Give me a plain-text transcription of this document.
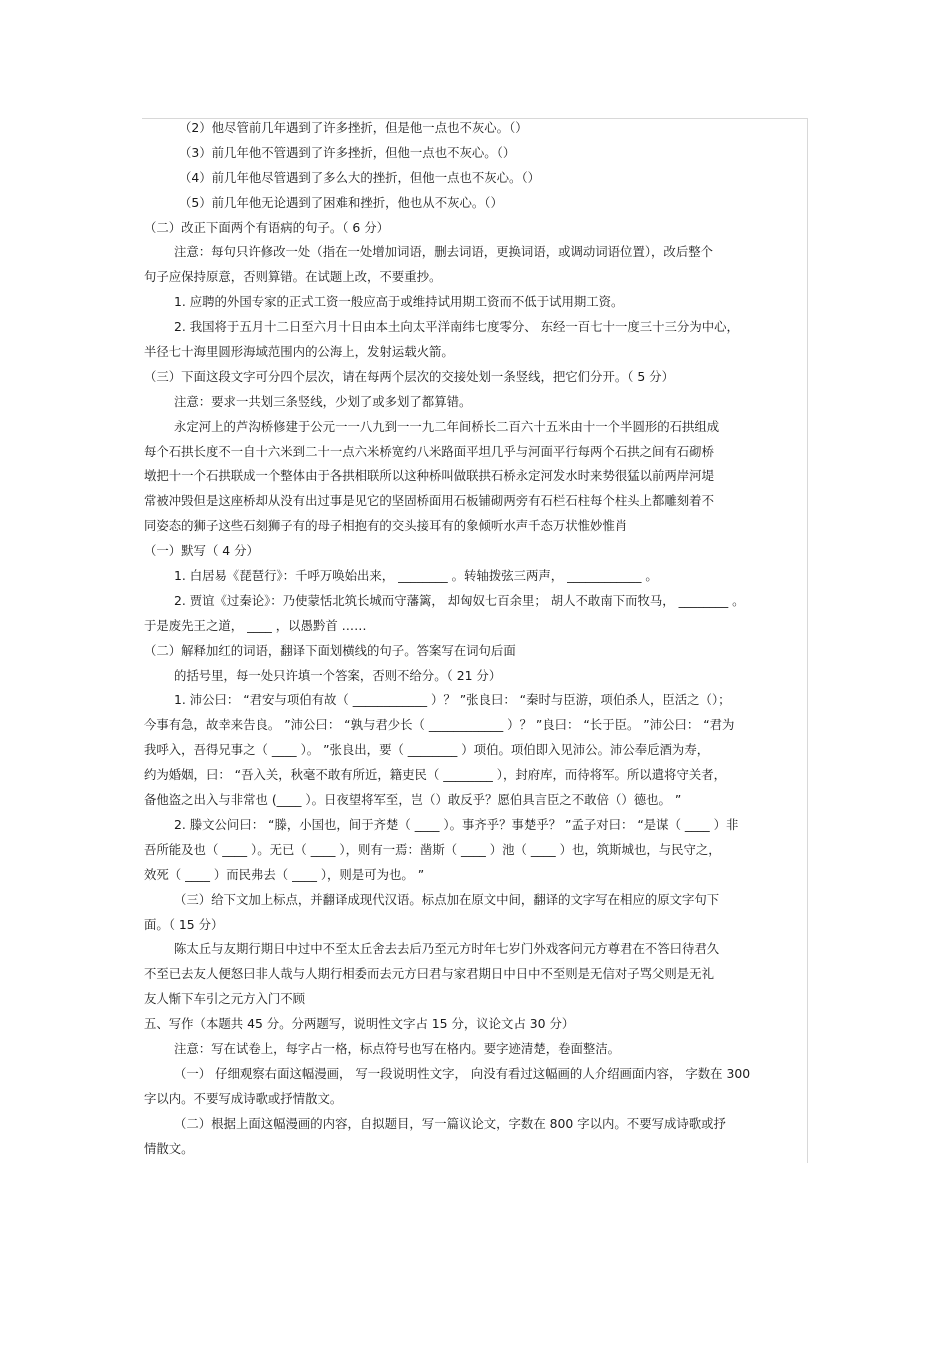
（2）他尽管前几年遇到了许多挫折，但是他一点也不灰心。（）
（3）前几年他不管遇到了许多挫折，但他一点也不灰心。（）
（4）前几年他尽管遇到了多么大的挫折，但他一点也不灰心。（）
（5）前几年他无论遇到了困难和挫折，他也从不灰心。（）
（二）改正下面两个有语病的句子。（ 6 分）
注意：每句只许修改一处（指在一处增加词语，删去词语，更换词语，或调动词语位置），改后整个
句子应保持原意，否则算错。在试题上改，不要重抄。
1. 应聘的外国专家的正式工资一般应高于或维持试用期工资而不低于试用期工资。
2. 我国将于五月十二日至六月十日由本土向太平洋南纬七度零分、 东经一百七十一度三十三分为中心，
半径七十海里圆形海域范围内的公海上，发射运载火箭。
（三）下面这段文字可分四个层次，请在每两个层次的交接处划一条竖线，把它们分开。（ 5 分）
注意：要求一共划三条竖线，少划了或多划了都算错。
永定河上的芦沟桥修建于公元一一八九到一一九二年间桥长二百六十五米由十一个半圆形的石拱组成
每个石拱长度不一自十六米到二十一点六米桥宽约八米路面平坦几乎与河面平行每两个石拱之间有石砌桥
墩把十一个石拱联成一个整体由于各拱相联所以这种桥叫做联拱石桥永定河发水时来势很猛以前两岸河堤
常被冲毁但是这座桥却从没有出过事是见它的坚固桥面用石板铺砌两旁有石栏石柱每个柱头上都雕刻着不
同姿态的狮子这些石刻狮子有的母子相抱有的交头接耳有的象倾听水声千态万状惟妙惟肖
（一）默写（ 4 分）
1. 白居易《琵琶行》：千呼万唤始出来， ________ 。转轴拨弦三两声， ____________ 。
2. 贾谊《过秦论》：乃使蒙恬北筑长城而守藩篱， 却匈奴七百余里； 胡人不敢南下而牧马， ________ 。
于是废先王之道， ____ ，以愚黔首 ……
（二）解释加红的词语，翻译下面划横线的句子。答案写在词句后面
的括号里，每一处只许填一个答案，否则不给分。（ 21 分）
1. 沛公曰： “君安与项伯有故（ ____________ ）？ ”张良曰： “秦时与臣游，项伯杀人，臣活之（）；
今事有急，故幸来告良。 ”沛公曰： “孰与君少长（ ____________ ）？ ”良曰： “长于臣。 ”沛公曰： “君为
我呼入，吾得兄事之（ ____ ）。 ”张良出，要（ ________ ）项伯。项伯即入见沛公。沛公奉卮酒为寿，
约为婚姻，曰： “吾入关，秋毫不敢有所近，籍吏民（ ________ ），封府库，而待将军。所以遣将守关者，
备他盗之出入与非常也 (____ ）。日夜望将军至，岂（）敢反乎？愿伯具言臣之不敢倍（）德也。 ”
2. 滕文公问曰： “滕，小国也，间于齐楚（ ____ ）。事齐乎？事楚乎？ ”孟子对曰： “是谋（ ____ ）非
吾所能及也（ ____ ）。无已（ ____ ），则有一焉：凿斯（ ____ ）池（ ____ ）也，筑斯城也，与民守之，
效死（ ____ ）而民弗去（ ____ ），则是可为也。 ”
（三）给下文加上标点，并翻译成现代汉语。标点加在原文中间，翻译的文字写在相应的原文字句下
面。（ 15 分）
陈太丘与友期行期日中过中不至太丘舍去去后乃至元方时年七岁门外戏客问元方尊君在不答曰待君久
不至已去友人便怒曰非人哉与人期行相委而去元方曰君与家君期日中日中不至则是无信对子骂父则是无礼
友人惭下车引之元方入门不顾
五、写作（本题共 45 分。分两题写，说明性文字占 15 分，议论文占 30 分）
注意：写在试卷上，每字占一格，标点符号也写在格内。要字迹清楚，卷面整洁。
（一） 仔细观察右面这幅漫画， 写一段说明性文字， 向没有看过这幅画的人介绍画面内容， 字数在 300
字以内。不要写成诗歌或抒情散文。
（二）根据上面这幅漫画的内容，自拟题目，写一篇议论文，字数在 800 字以内。不要写成诗歌或抒
情散文。
